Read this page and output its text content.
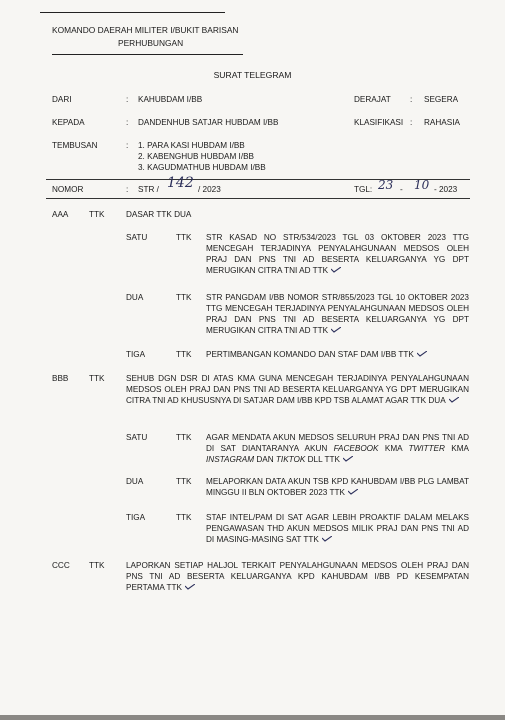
KOMANDO DAERAH MILITER I/BUKIT BARISAN
PERHUBUNGAN
SURAT TELEGRAM
DARI	: KAHUBDAM I/BB	DERAJAT : SEGERA
KEPADA	: DANDENHUB SATJAR HUBDAM I/BB	KLASIFIKASI : RAHASIA
TEMBUSAN	: 1. PARA KASI HUBDAM I/BB
2. KABENGHUB HUBDAM I/BB
3. KAGUDMATHUB HUBDAM I/BB
NOMOR	: STR / 142 / 2023	TGL: 23 - 10 - 2023
AAA	TTK	DASAR TTK DUA
SATU	TTK STR KASAD NO STR/534/2023 TGL 03 OKTOBER 2023 TTG MENCEGAH TERJADINYA PENYALAHGUNAAN MEDSOS OLEH PRAJ DAN PNS TNI AD BESERTA KELUARGANYA YG DPT MERUGIKAN CITRA TNI AD TTK
DUA	TTK STR PANGDAM I/BB NOMOR STR/855/2023 TGL 10 OKTOBER 2023 TTG MENCEGAH TERJADINYA PENYALAHGUNAAN MEDSOS OLEH PRAJ DAN PNS TNI AD BESERTA KELUARGANYA YG DPT MERUGIKAN CITRA TNI AD TTK
TIGA	TTK PERTIMBANGAN KOMANDO DAN STAF DAM I/BB TTK
BBB	TTK	SEHUB DGN DSR DI ATAS KMA GUNA MENCEGAH TERJADINYA PENYALAHGUNAAN MEDSOS OLEH PRAJ DAN PNS TNI AD BESERTA KELUARGANYA YG DPT MERUGIKAN CITRA TNI AD KHUSUSNYA DI SATJAR DAM I/BB KPD TSB ALAMAT AGAR TTK DUA
SATU	TTK AGAR MENDATA AKUN MEDSOS SELURUH PRAJ DAN PNS TNI AD DI SAT DIANTARANYA AKUN FACEBOOK KMA TWITTER KMA INSTAGRAM DAN TIKTOK DLL TTK
DUA	TTK MELAPORKAN DATA AKUN TSB KPD KAHUBDAM I/BB PLG LAMBAT MINGGU II BLN OKTOBER 2023 TTK
TIGA	TTK STAF INTEL/PAM DI SAT AGAR LEBIH PROAKTIF DALAM MELAKS PENGAWASAN THD AKUN MEDSOS MILIK PRAJ DAN PNS TNI AD DI MASING-MASING SAT TTK
CCC TTK	LAPORKAN SETIAP HALJOL TERKAIT PENYALAHGUNAAN MEDSOS OLEH PRAJ DAN PNS TNI AD BESERTA KELUARGANYA KPD KAHUBDAM I/BB PD KESEMPATAN PERTAMA TTK
